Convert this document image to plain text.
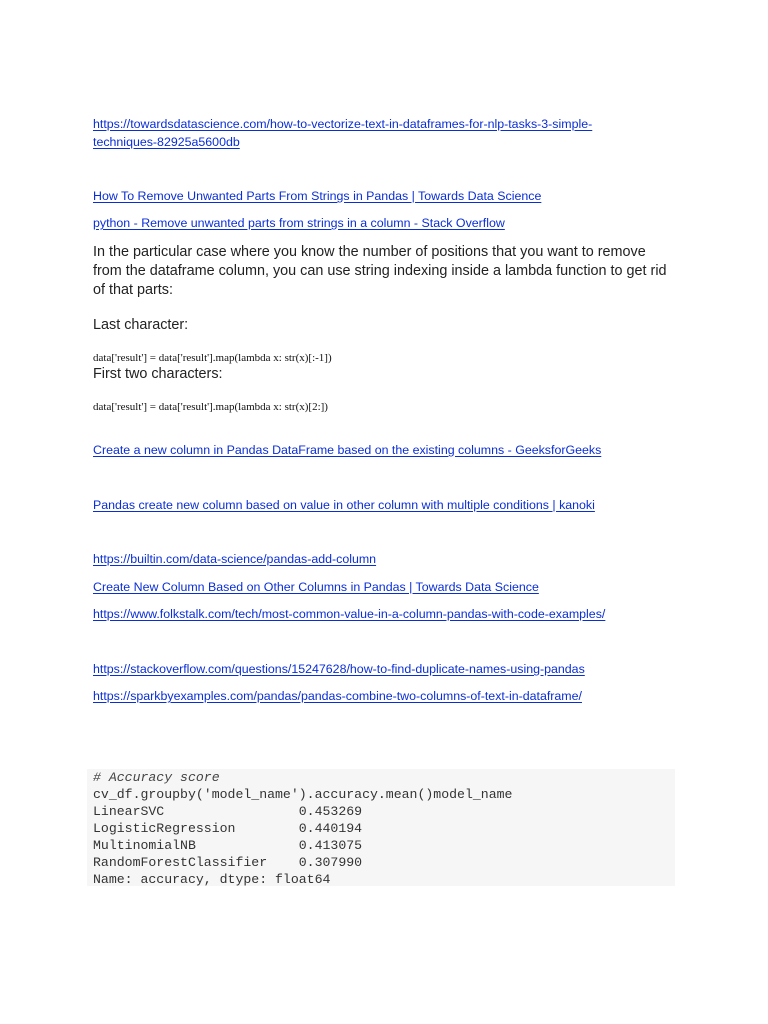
https://towardsdatascience.com/how-to-vectorize-text-in-dataframes-for-nlp-tasks-3-simple-techniques-82925a5600db
How To Remove Unwanted Parts From Strings in Pandas | Towards Data Science
python - Remove unwanted parts from strings in a column - Stack Overflow
In the particular case where you know the number of positions that you want to remove from the dataframe column, you can use string indexing inside a lambda function to get rid of that parts:
Last character:
data['result'] = data['result'].map(lambda x: str(x)[:-1])
First two characters:
data['result'] = data['result'].map(lambda x: str(x)[2:])
Create a new column in Pandas DataFrame based on the existing columns - GeeksforGeeks
Pandas create new column based on value in other column with multiple conditions | kanoki
https://builtin.com/data-science/pandas-add-column
Create New Column Based on Other Columns in Pandas | Towards Data Science
https://www.folkstalk.com/tech/most-common-value-in-a-column-pandas-with-code-examples/
https://stackoverflow.com/questions/15247628/how-to-find-duplicate-names-using-pandas
https://sparkbyexamples.com/pandas/pandas-combine-two-columns-of-text-in-dataframe/
# Accuracy score
cv_df.groupby('model_name').accuracy.mean()model_name
LinearSVC                 0.453269
LogisticRegression        0.440194
MultinomialNB             0.413075
RandomForestClassifier    0.307990
Name: accuracy, dtype: float64
